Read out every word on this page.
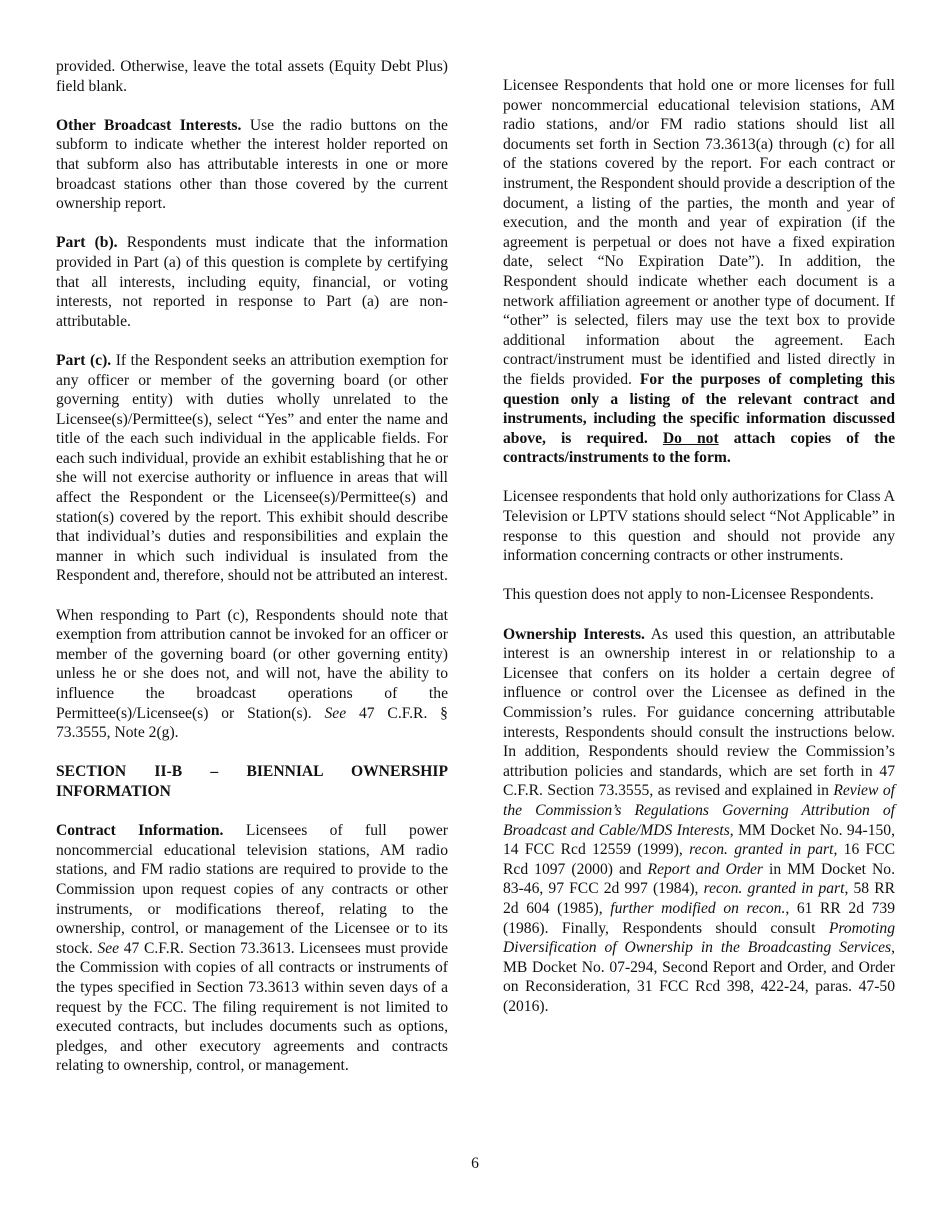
provided. Otherwise, leave the total assets (Equity Debt Plus) field blank.

Other Broadcast Interests. Use the radio buttons on the subform to indicate whether the interest holder reported on that subform also has attributable interests in one or more broadcast stations other than those covered by the current ownership report.

Part (b). Respondents must indicate that the information provided in Part (a) of this question is complete by certifying that all interests, including equity, financial, or voting interests, not reported in response to Part (a) are non-attributable.

Part (c). If the Respondent seeks an attribution exemption for any officer or member of the governing board (or other governing entity) with duties wholly unrelated to the Licensee(s)/Permittee(s), select “Yes” and enter the name and title of the each such individual in the applicable fields. For each such individual, provide an exhibit establishing that he or she will not exercise authority or influence in areas that will affect the Respondent or the Licensee(s)/Permittee(s) and station(s) covered by the report. This exhibit should describe that individual’s duties and responsibilities and explain the manner in which such individual is insulated from the Respondent and, therefore, should not be attributed an interest.

When responding to Part (c), Respondents should note that exemption from attribution cannot be invoked for an officer or member of the governing board (or other governing entity) unless he or she does not, and will not, have the ability to influence the broadcast operations of the Permittee(s)/Licensee(s) or Station(s). See 47 C.F.R. § 73.3555, Note 2(g).

SECTION II-B – BIENNIAL OWNERSHIP INFORMATION

Contract Information. Licensees of full power noncommercial educational television stations, AM radio stations, and FM radio stations are required to provide to the Commission upon request copies of any contracts or other instruments, or modifications thereof, relating to the ownership, control, or management of the Licensee or to its stock. See 47 C.F.R. Section 73.3613. Licensees must provide the Commission with copies of all contracts or instruments of the types specified in Section 73.3613 within seven days of a request by the FCC. The filing requirement is not limited to executed contracts, but includes documents such as options, pledges, and other executory agreements and contracts relating to ownership, control, or management.

Licensee Respondents that hold one or more licenses for full power noncommercial educational television stations, AM radio stations, and/or FM radio stations should list all documents set forth in Section 73.3613(a) through (c) for all of the stations covered by the report. For each contract or instrument, the Respondent should provide a description of the document, a listing of the parties, the month and year of execution, and the month and year of expiration (if the agreement is perpetual or does not have a fixed expiration date, select “No Expiration Date”). In addition, the Respondent should indicate whether each document is a network affiliation agreement or another type of document. If “other” is selected, filers may use the text box to provide additional information about the agreement. Each contract/instrument must be identified and listed directly in the fields provided. For the purposes of completing this question only a listing of the relevant contract and instruments, including the specific information discussed above, is required. Do not attach copies of the contracts/instruments to the form.

Licensee respondents that hold only authorizations for Class A Television or LPTV stations should select “Not Applicable” in response to this question and should not provide any information concerning contracts or other instruments.

This question does not apply to non-Licensee Respondents.

Ownership Interests. As used this question, an attributable interest is an ownership interest in or relationship to a Licensee that confers on its holder a certain degree of influence or control over the Licensee as defined in the Commission’s rules. For guidance concerning attributable interests, Respondents should consult the instructions below. In addition, Respondents should review the Commission’s attribution policies and standards, which are set forth in 47 C.F.R. Section 73.3555, as revised and explained in Review of the Commission’s Regulations Governing Attribution of Broadcast and Cable/MDS Interests, MM Docket No. 94-150, 14 FCC Rcd 12559 (1999), recon. granted in part, 16 FCC Rcd 1097 (2000) and Report and Order in MM Docket No. 83-46, 97 FCC 2d 997 (1984), recon. granted in part, 58 RR 2d 604 (1985), further modified on recon., 61 RR 2d 739 (1986). Finally, Respondents should consult Promoting Diversification of Ownership in the Broadcasting Services, MB Docket No. 07-294, Second Report and Order, and Order on Reconsideration, 31 FCC Rcd 398, 422-24, paras. 47-50 (2016).

6
